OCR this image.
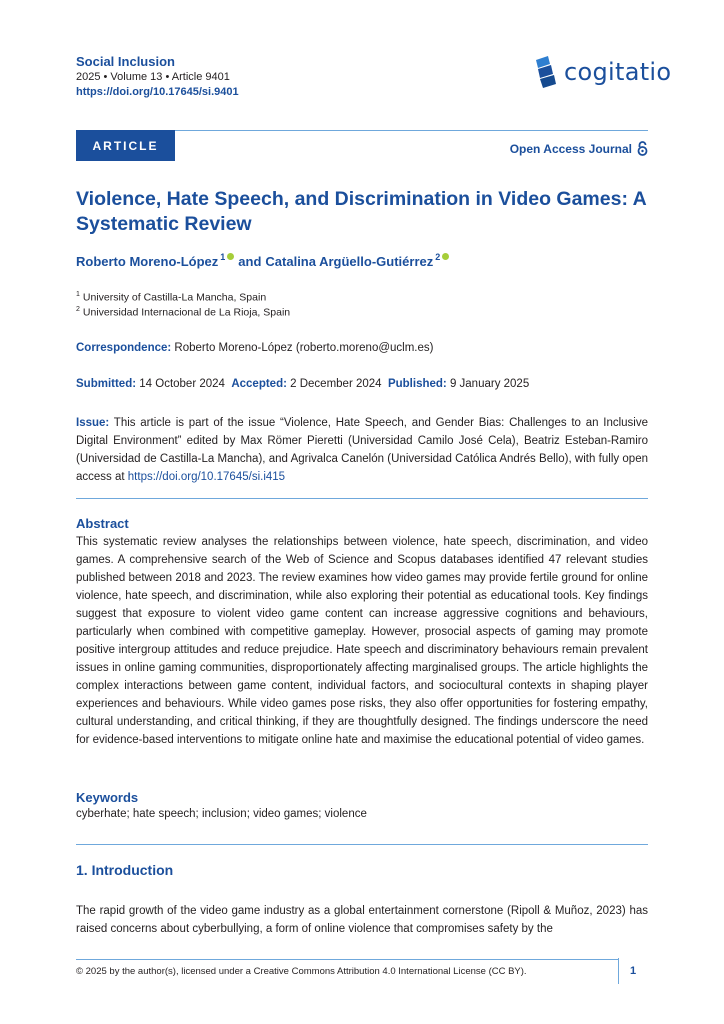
Social Inclusion
2025 • Volume 13 • Article 9401
https://doi.org/10.17645/si.9401
cogitatio
ARTICLE	Open Access Journal
Violence, Hate Speech, and Discrimination in Video Games: A Systematic Review
Roberto Moreno-López 1 and Catalina Argüello-Gutiérrez 2
$^1$ University of Castilla-La Mancha, Spain
$^2$ Universidad Internacional de La Rioja, Spain
Correspondence: Roberto Moreno-López (roberto.moreno@uclm.es)
Submitted: 14 October 2024 Accepted: 2 December 2024 Published: 9 January 2025
Issue: This article is part of the issue “Violence, Hate Speech, and Gender Bias: Challenges to an Inclusive Digital Environment” edited by Max Römer Pieretti (Universidad Camilo José Cela), Beatriz Esteban-Ramiro (Universidad de Castilla-La Mancha), and Agrivalca Canelón (Universidad Católica Andrés Bello), with fully open access at https://doi.org/10.17645/si.i415
Abstract
This systematic review analyses the relationships between violence, hate speech, discrimination, and video games. A comprehensive search of the Web of Science and Scopus databases identified 47 relevant studies published between 2018 and 2023. The review examines how video games may provide fertile ground for online violence, hate speech, and discrimination, while also exploring their potential as educational tools. Key findings suggest that exposure to violent video game content can increase aggressive cognitions and behaviours, particularly when combined with competitive gameplay. However, prosocial aspects of gaming may promote positive intergroup attitudes and reduce prejudice. Hate speech and discriminatory behaviours remain prevalent issues in online gaming communities, disproportionately affecting marginalised groups. The article highlights the complex interactions between game content, individual factors, and sociocultural contexts in shaping player experiences and behaviours. While video games pose risks, they also offer opportunities for fostering empathy, cultural understanding, and critical thinking, if they are thoughtfully designed. The findings underscore the need for evidence-based interventions to mitigate online hate and maximise the educational potential of video games.
Keywords
cyberhate; hate speech; inclusion; video games; violence
1. Introduction
The rapid growth of the video game industry as a global entertainment cornerstone (Ripoll & Muñoz, 2023) has raised concerns about cyberbullying, a form of online violence that compromises safety by the
© 2025 by the author(s), licensed under a Creative Commons Attribution 4.0 International License (CC BY).	1
